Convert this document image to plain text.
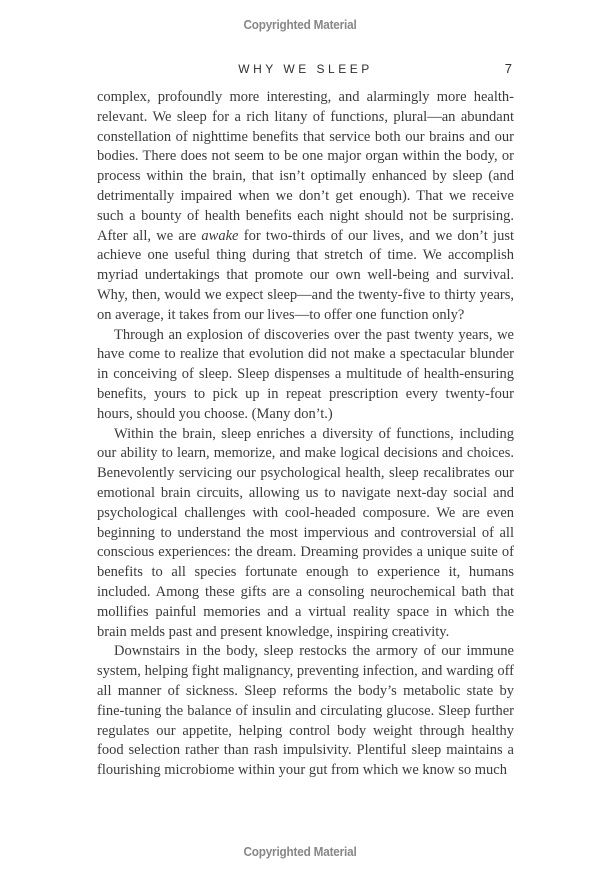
Copyrighted Material
WHY WE SLEEP	7

complex, profoundly more interesting, and alarmingly more health-relevant. We sleep for a rich litany of functions, plural—an abundant constellation of nighttime benefits that service both our brains and our bodies. There does not seem to be one major organ within the body, or process within the brain, that isn’t optimally enhanced by sleep (and detrimentally impaired when we don’t get enough). That we receive such a bounty of health benefits each night should not be surprising. After all, we are awake for two-thirds of our lives, and we don’t just achieve one useful thing during that stretch of time. We accomplish myriad undertakings that promote our own well-being and survival. Why, then, would we expect sleep—and the twenty-five to thirty years, on average, it takes from our lives—to offer one function only?

Through an explosion of discoveries over the past twenty years, we have come to realize that evolution did not make a spectacular blunder in conceiving of sleep. Sleep dispenses a multitude of health-ensuring benefits, yours to pick up in repeat prescription every twenty-four hours, should you choose. (Many don’t.)

Within the brain, sleep enriches a diversity of functions, including our ability to learn, memorize, and make logical decisions and choices. Benevolently servicing our psychological health, sleep recalibrates our emotional brain circuits, allowing us to navigate next-day social and psychological challenges with cool-headed composure. We are even beginning to understand the most impervious and controversial of all conscious experiences: the dream. Dreaming provides a unique suite of benefits to all species fortunate enough to experience it, humans included. Among these gifts are a consoling neurochemical bath that mollifies painful memories and a virtual reality space in which the brain melds past and present knowledge, inspiring creativity.

Downstairs in the body, sleep restocks the armory of our immune system, helping fight malignancy, preventing infection, and warding off all manner of sickness. Sleep reforms the body’s metabolic state by fine-tuning the balance of insulin and circulating glucose. Sleep further regulates our appetite, helping control body weight through healthy food selection rather than rash impulsivity. Plentiful sleep maintains a flourishing microbiome within your gut from which we know so much

Copyrighted Material
